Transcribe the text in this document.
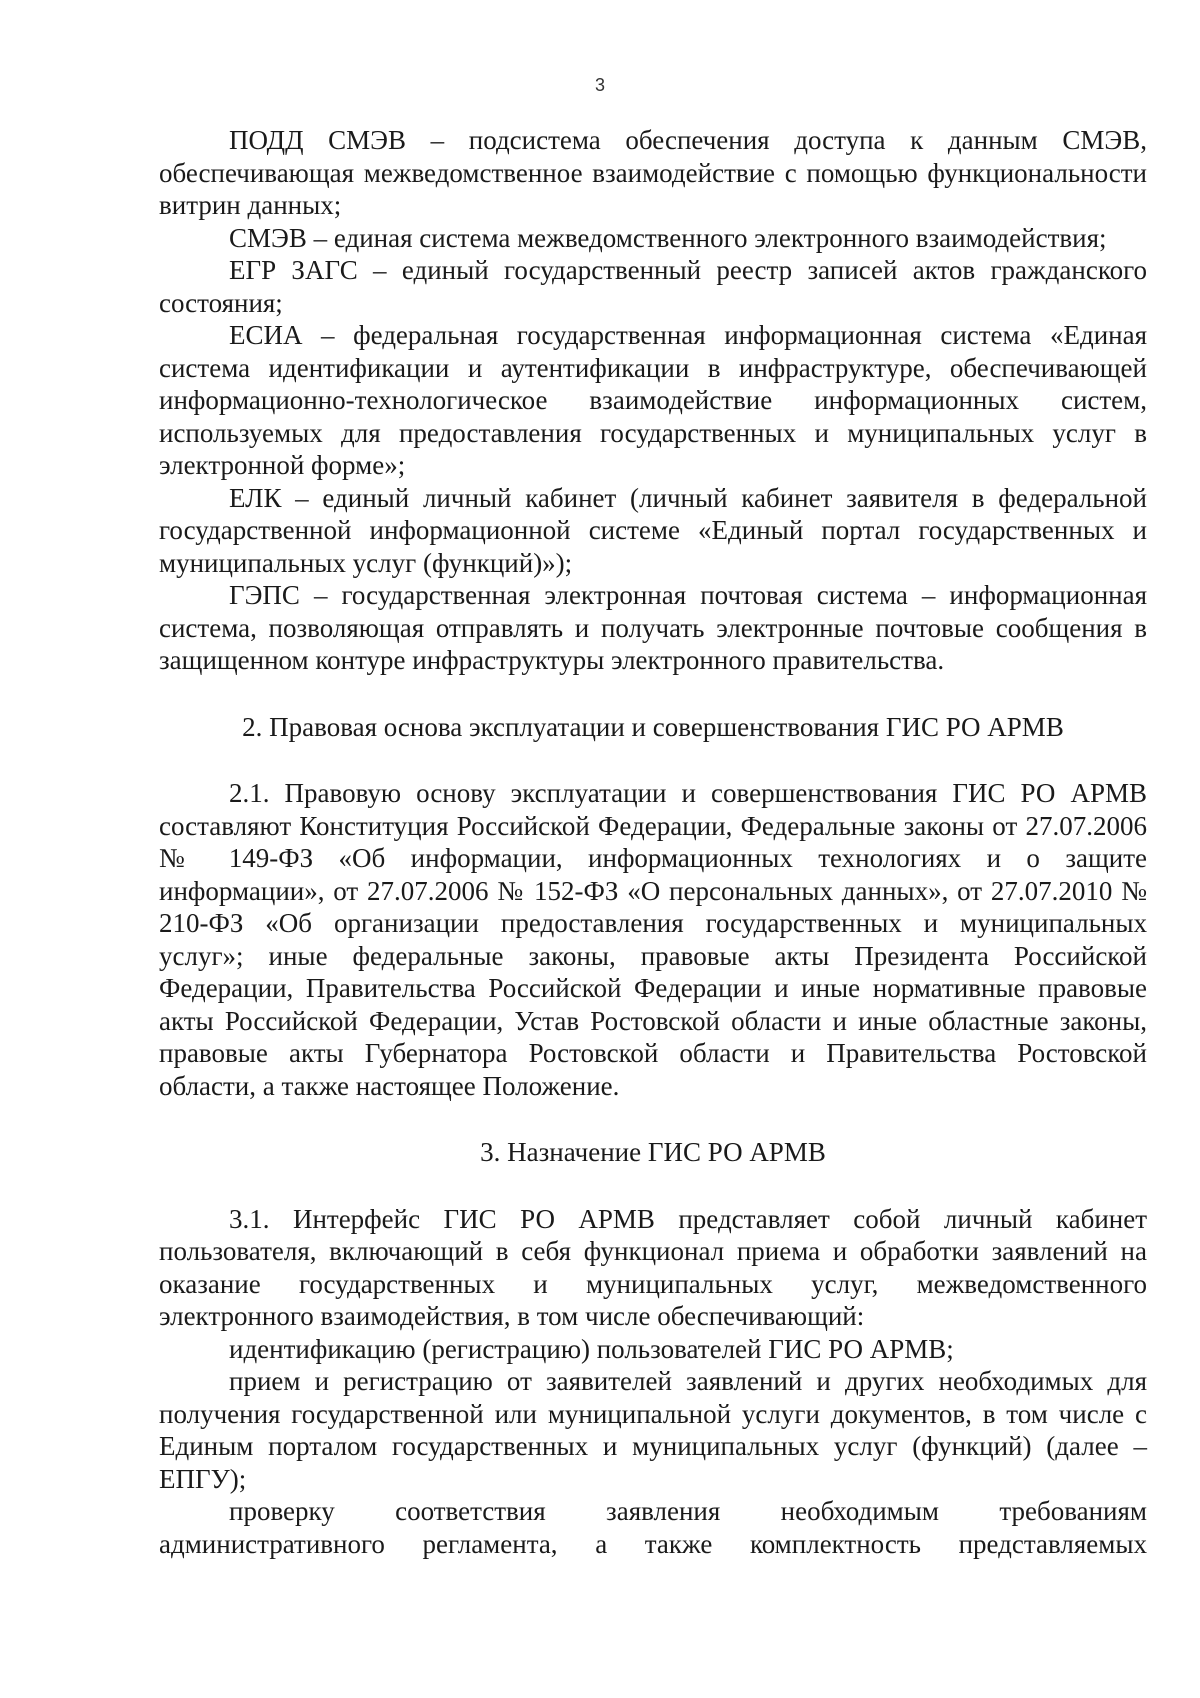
3

ПОДД СМЭВ – подсистема обеспечения доступа к данным СМЭВ, обеспечивающая межведомственное взаимодействие с помощью функциональности витрин данных;

СМЭВ – единая система межведомственного электронного взаимодействия;

ЕГР ЗАГС – единый государственный реестр записей актов гражданского состояния;

ЕСИА – федеральная государственная информационная система «Единая система идентификации и аутентификации в инфраструктуре, обеспечивающей информационно-технологическое взаимодействие информационных систем, используемых для предоставления государственных и муниципальных услуг в электронной форме»;

ЕЛК – единый личный кабинет (личный кабинет заявителя в федеральной государственной информационной системе «Единый портал государственных и муниципальных услуг (функций)»);

ГЭПС – государственная электронная почтовая система – информационная система, позволяющая отправлять и получать электронные почтовые сообщения в защищенном контуре инфраструктуры электронного правительства.

2. Правовая основа эксплуатации и совершенствования ГИС РО АРМВ

2.1. Правовую основу эксплуатации и совершенствования ГИС РО АРМВ составляют Конституция Российской Федерации, Федеральные законы от 27.07.2006 № 149-ФЗ «Об информации, информационных технологиях и о защите информации», от 27.07.2006 № 152-ФЗ «О персональных данных», от 27.07.2010 № 210-ФЗ «Об организации предоставления государственных и муниципальных услуг»; иные федеральные законы, правовые акты Президента Российской Федерации, Правительства Российской Федерации и иные нормативные правовые акты Российской Федерации, Устав Ростовской области и иные областные законы, правовые акты Губернатора Ростовской области и Правительства Ростовской области, а также настоящее Положение.

3. Назначение ГИС РО АРМВ

3.1. Интерфейс ГИС РО АРМВ представляет собой личный кабинет пользователя, включающий в себя функционал приема и обработки заявлений на оказание государственных и муниципальных услуг, межведомственного электронного взаимодействия, в том числе обеспечивающий:

идентификацию (регистрацию) пользователей ГИС РО АРМВ;

прием и регистрацию от заявителей заявлений и других необходимых для получения государственной или муниципальной услуги документов, в том числе с Единым порталом государственных и муниципальных услуг (функций) (далее – ЕПГУ);

проверку соответствия заявления необходимым требованиям административного регламента, а также комплектность представляемых
